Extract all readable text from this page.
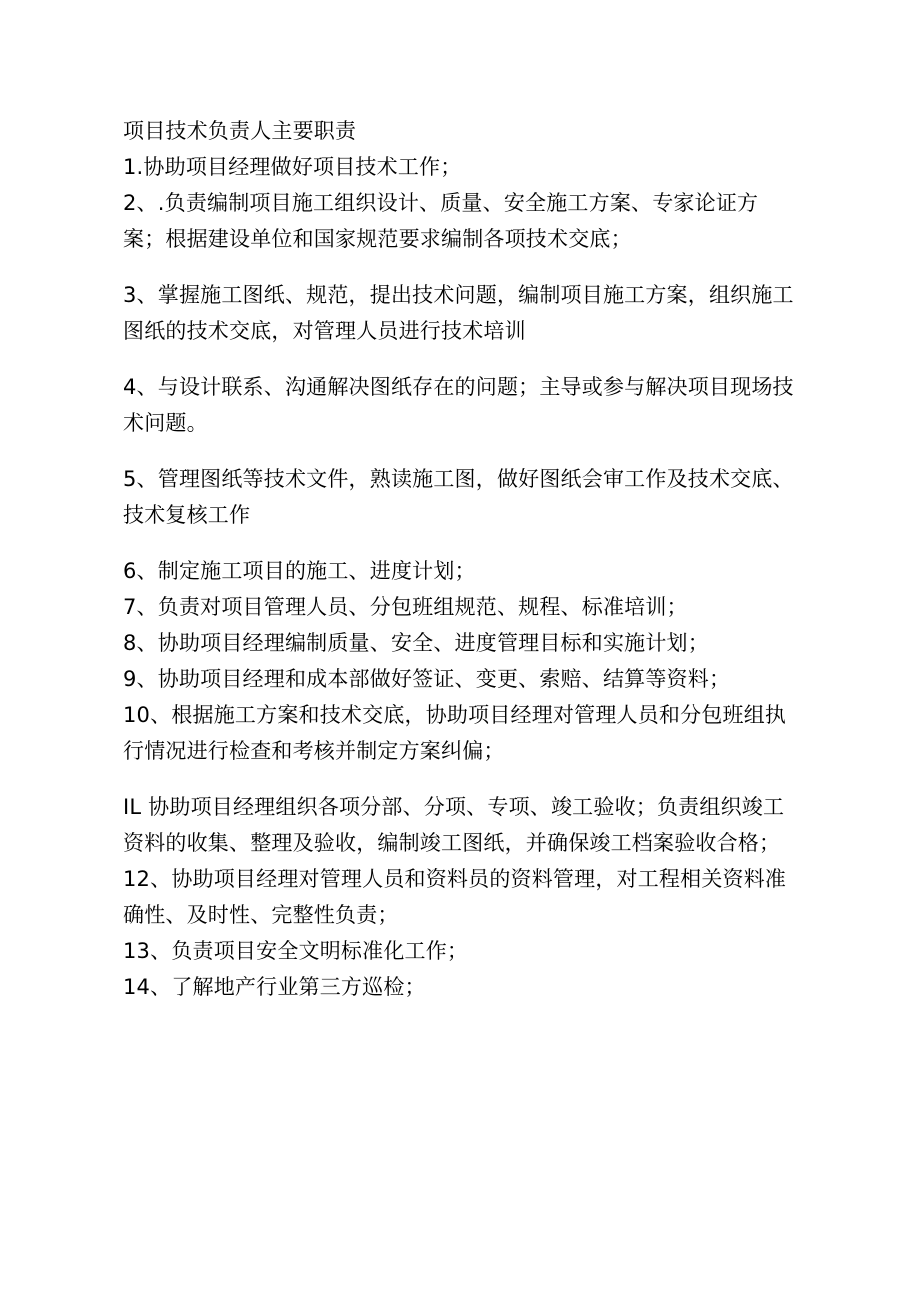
项目技术负责人主要职责
1.协助项目经理做好项目技术工作；
2、.负责编制项目施工组织设计、质量、安全施工方案、专家论证方
案；根据建设单位和国家规范要求编制各项技术交底；
3、掌握施工图纸、规范，提出技术问题，编制项目施工方案，组织施工
图纸的技术交底，对管理人员进行技术培训
4、与设计联系、沟通解决图纸存在的问题；主导或参与解决项目现场技
术问题。
5、管理图纸等技术文件，熟读施工图，做好图纸会审工作及技术交底、
技术复核工作
6、制定施工项目的施工、进度计划；
7、负责对项目管理人员、分包班组规范、规程、标准培训；
8、协助项目经理编制质量、安全、进度管理目标和实施计划；
9、协助项目经理和成本部做好签证、变更、索赔、结算等资料；
10、根据施工方案和技术交底，协助项目经理对管理人员和分包班组执
行情况进行检查和考核并制定方案纠偏；
IL 协助项目经理组织各项分部、分项、专项、竣工验收；负责组织竣工
资料的收集、整理及验收，编制竣工图纸，并确保竣工档案验收合格；
12、协助项目经理对管理人员和资料员的资料管理，对工程相关资料准
确性、及时性、完整性负责；
13、负责项目安全文明标准化工作；
14、了解地产行业第三方巡检；
